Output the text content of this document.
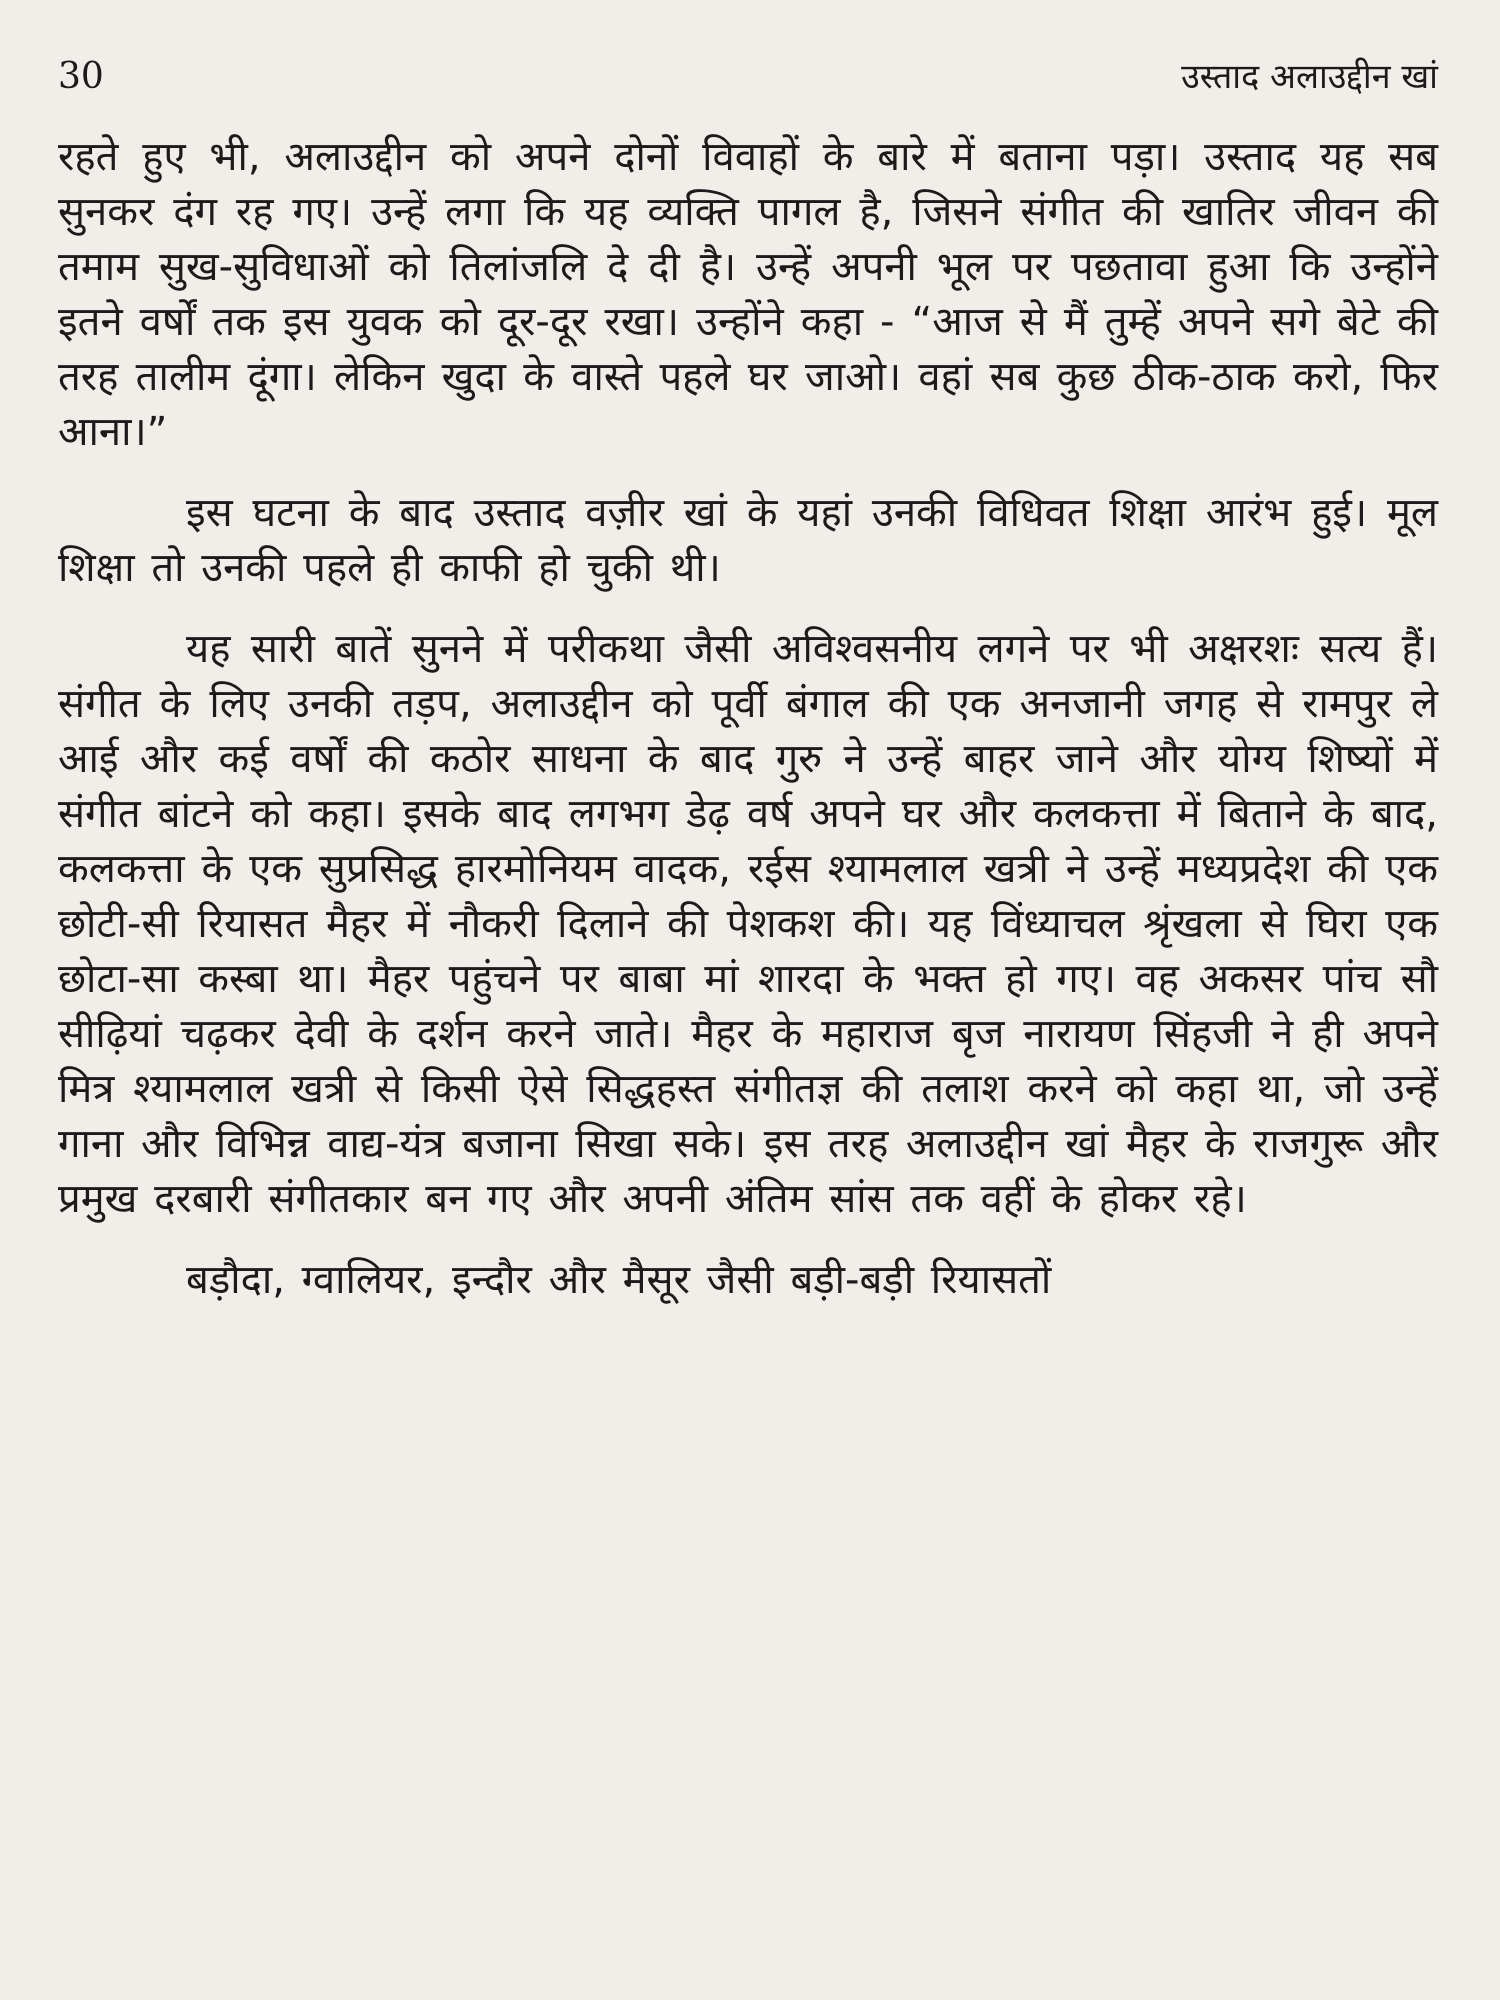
30	उस्ताद अलाउद्दीन खां

रहते हुए भी, अलाउद्दीन को अपने दोनों विवाहों के बारे में बताना पड़ा। उस्ताद यह सब सुनकर दंग रह गए। उन्हें लगा कि यह व्यक्ति पागल है, जिसने संगीत की खातिर जीवन की तमाम सुख-सुविधाओं को तिलांजलि दे दी है। उन्हें अपनी भूल पर पछतावा हुआ कि उन्होंने इतने वर्षों तक इस युवक को दूर-दूर रखा। उन्होंने कहा - “आज से मैं तुम्हें अपने सगे बेटे की तरह तालीम दूंगा। लेकिन खुदा के वास्ते पहले घर जाओ। वहां सब कुछ ठीक-ठाक करो, फिर आना।”

इस घटना के बाद उस्ताद वज़ीर खां के यहां उनकी विधिवत शिक्षा आरंभ हुई। मूल शिक्षा तो उनकी पहले ही काफी हो चुकी थी।

यह सारी बातें सुनने में परीकथा जैसी अविश्वसनीय लगने पर भी अक्षरशः सत्य हैं। संगीत के लिए उनकी तड़प, अलाउद्दीन को पूर्वी बंगाल की एक अनजानी जगह से रामपुर ले आई और कई वर्षों की कठोर साधना के बाद गुरु ने उन्हें बाहर जाने और योग्य शिष्यों में संगीत बांटने को कहा। इसके बाद लगभग डेढ़ वर्ष अपने घर और कलकत्ता में बिताने के बाद, कलकत्ता के एक सुप्रसिद्ध हारमोनियम वादक, रईस श्यामलाल खत्री ने उन्हें मध्यप्रदेश की एक छोटी-सी रियासत मैहर में नौकरी दिलाने की पेशकश की। यह विंध्याचल श्रृंखला से घिरा एक छोटा-सा कस्बा था। मैहर पहुंचने पर बाबा मां शारदा के भक्त हो गए। वह अकसर पांच सौ सीढ़ियां चढ़कर देवी के दर्शन करने जाते। मैहर के महाराज बृज नारायण सिंहजी ने ही अपने मित्र श्यामलाल खत्री से किसी ऐसे सिद्धहस्त संगीतज्ञ की तलाश करने को कहा था, जो उन्हें गाना और विभिन्न वाद्य-यंत्र बजाना सिखा सके। इस तरह अलाउद्दीन खां मैहर के राजगुरू और प्रमुख दरबारी संगीतकार बन गए और अपनी अंतिम सांस तक वहीं के होकर रहे।

बड़ौदा, ग्वालियर, इन्दौर और मैसूर जैसी बड़ी-बड़ी रियासतों
